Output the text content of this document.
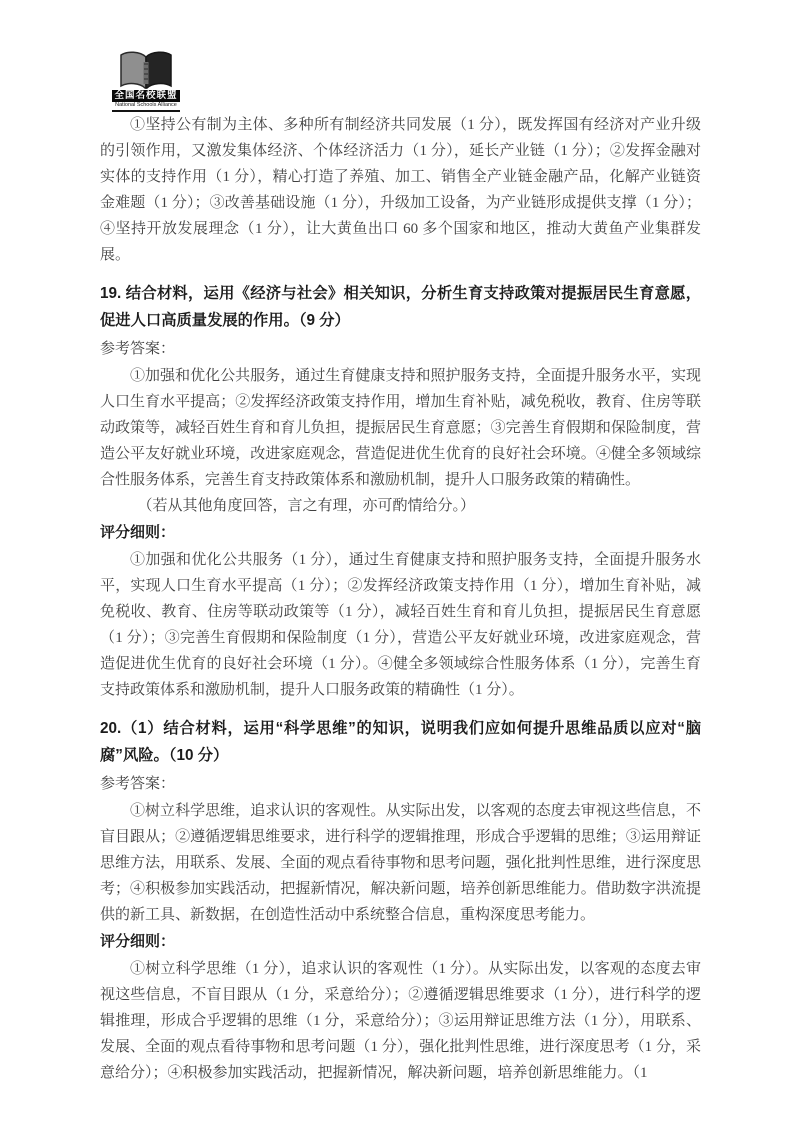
全国名校联盟
National Schools Alliance

①坚持公有制为主体、多种所有制经济共同发展（1 分），既发挥国有经济对产业升级的引领作用，又激发集体经济、个体经济活力（1 分），延长产业链（1 分）；②发挥金融对实体的支持作用（1 分），精心打造了养殖、加工、销售全产业链金融产品，化解产业链资金难题（1 分）；③改善基础设施（1 分），升级加工设备，为产业链形成提供支撑（1 分）；④坚持开放发展理念（1 分），让大黄鱼出口 60 多个国家和地区，推动大黄鱼产业集群发展。

19. 结合材料，运用《经济与社会》相关知识，分析生育支持政策对提振居民生育意愿，促进人口高质量发展的作用。（9 分）
参考答案：

①加强和优化公共服务，通过生育健康支持和照护服务支持，全面提升服务水平，实现人口生育水平提高；②发挥经济政策支持作用，增加生育补贴，减免税收，教育、住房等联动政策等，减轻百姓生育和育儿负担，提振居民生育意愿；③完善生育假期和保险制度，营造公平友好就业环境，改进家庭观念，营造促进优生优育的良好社会环境。④健全多领域综合性服务体系，完善生育支持政策体系和激励机制，提升人口服务政策的精确性。

（若从其他角度回答，言之有理，亦可酌情给分。）

评分细则：

①加强和优化公共服务（1 分），通过生育健康支持和照护服务支持，全面提升服务水平，实现人口生育水平提高（1 分）；②发挥经济政策支持作用（1 分），增加生育补贴，减免税收、教育、住房等联动政策等（1 分），减轻百姓生育和育儿负担，提振居民生育意愿（1 分）；③完善生育假期和保险制度（1 分），营造公平友好就业环境，改进家庭观念，营造促进优生优育的良好社会环境（1 分）。④健全多领域综合性服务体系（1 分），完善生育支持政策体系和激励机制，提升人口服务政策的精确性（1 分）。

20.（1）结合材料，运用“科学思维”的知识，说明我们应如何提升思维品质以应对“脑腐”风险。（10 分）
参考答案：

①树立科学思维，追求认识的客观性。从实际出发，以客观的态度去审视这些信息，不盲目跟从；②遵循逻辑思维要求，进行科学的逻辑推理，形成合乎逻辑的思维；③运用辩证思维方法，用联系、发展、全面的观点看待事物和思考问题，强化批判性思维，进行深度思考；④积极参加实践活动，把握新情况，解决新问题，培养创新思维能力。借助数字洪流提供的新工具、新数据，在创造性活动中系统整合信息，重构深度思考能力。

评分细则：

①树立科学思维（1 分），追求认识的客观性（1 分）。从实际出发，以客观的态度去审视这些信息，不盲目跟从（1 分，采意给分）；②遵循逻辑思维要求（1 分），进行科学的逻辑推理，形成合乎逻辑的思维（1 分，采意给分）；③运用辩证思维方法（1 分），用联系、发展、全面的观点看待事物和思考问题（1 分），强化批判性思维，进行深度思考（1 分，采意给分）；④积极参加实践活动，把握新情况，解决新问题，培养创新思维能力。（1
